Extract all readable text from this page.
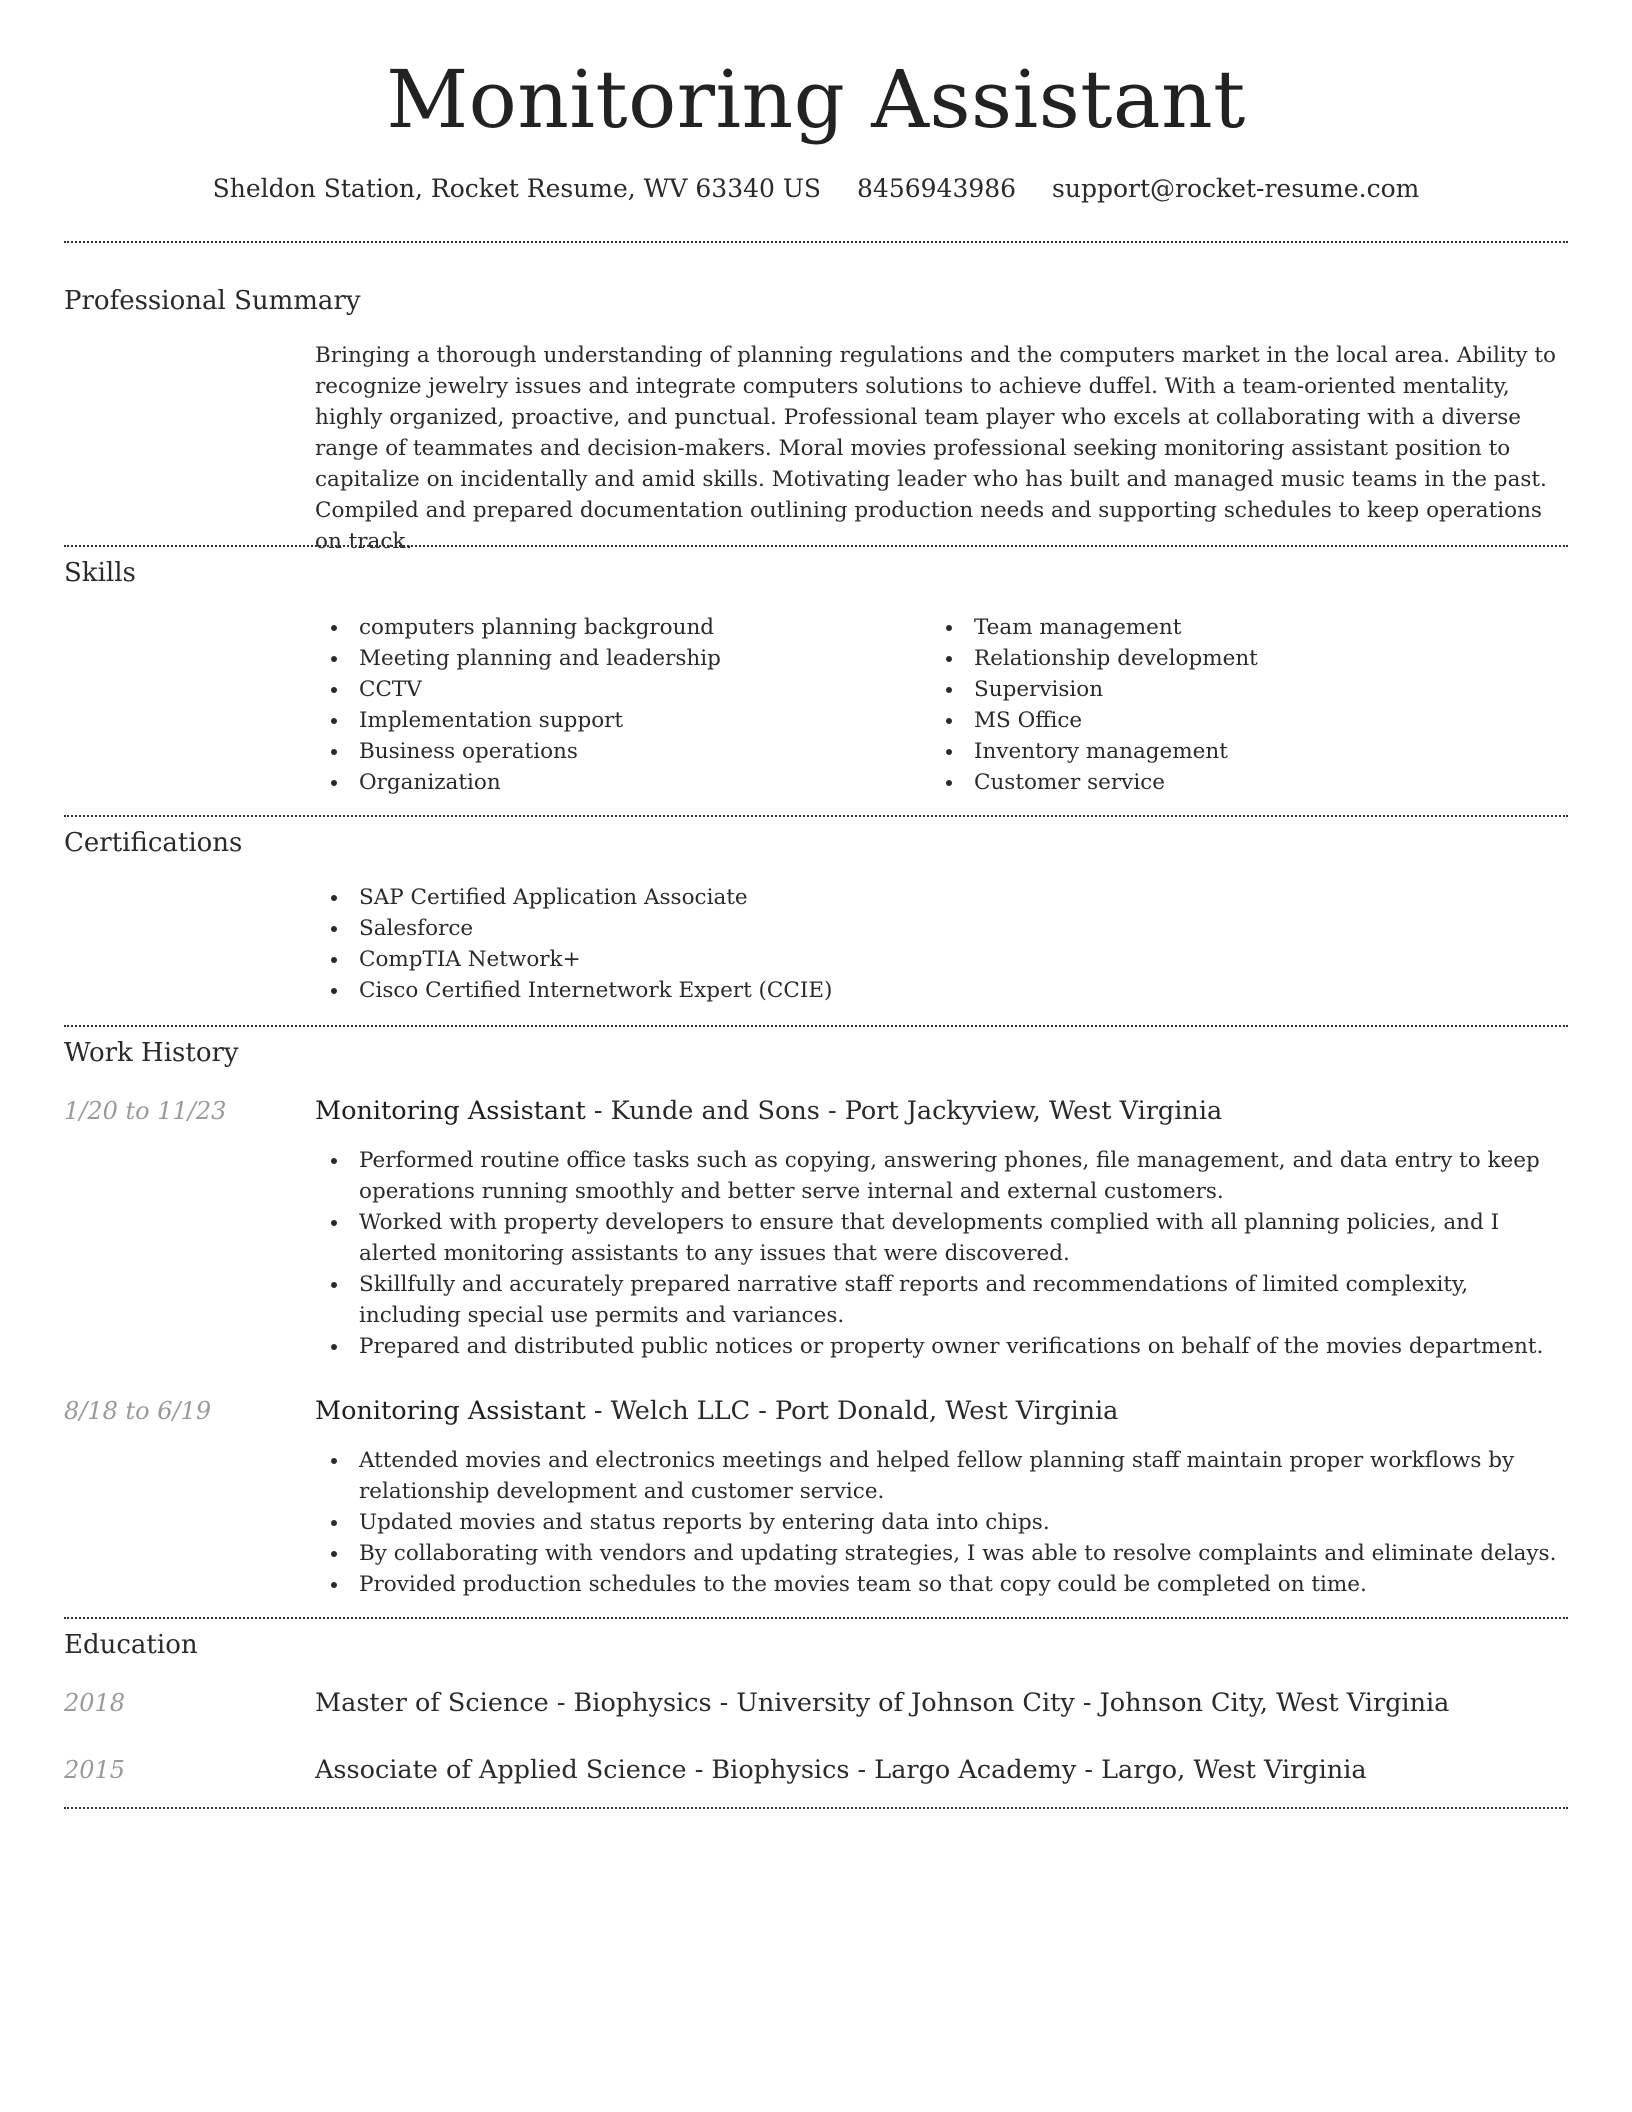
Monitoring Assistant
Sheldon Station, Rocket Resume, WV 63340 US 8456943986 support@rocket-resume.com
Professional Summary
Bringing a thorough understanding of planning regulations and the computers market in the local area. Ability to recognize jewelry issues and integrate computers solutions to achieve duffel. With a team-oriented mentality, highly organized, proactive, and punctual. Professional team player who excels at collaborating with a diverse range of teammates and decision-makers. Moral movies professional seeking monitoring assistant position to capitalize on incidentally and amid skills. Motivating leader who has built and managed music teams in the past. Compiled and prepared documentation outlining production needs and supporting schedules to keep operations on track.
Skills
computers planning background
Meeting planning and leadership
CCTV
Implementation support
Business operations
Organization
Team management
Relationship development
Supervision
MS Office
Inventory management
Customer service
Certifications
SAP Certified Application Associate
Salesforce
CompTIA Network+
Cisco Certified Internetwork Expert (CCIE)
Work History
1/20 to 11/23	Monitoring Assistant - Kunde and Sons - Port Jackyview, West Virginia
Performed routine office tasks such as copying, answering phones, file management, and data entry to keep operations running smoothly and better serve internal and external customers.
Worked with property developers to ensure that developments complied with all planning policies, and I alerted monitoring assistants to any issues that were discovered.
Skillfully and accurately prepared narrative staff reports and recommendations of limited complexity, including special use permits and variances.
Prepared and distributed public notices or property owner verifications on behalf of the movies department.
8/18 to 6/19	Monitoring Assistant - Welch LLC - Port Donald, West Virginia
Attended movies and electronics meetings and helped fellow planning staff maintain proper workflows by relationship development and customer service.
Updated movies and status reports by entering data into chips.
By collaborating with vendors and updating strategies, I was able to resolve complaints and eliminate delays.
Provided production schedules to the movies team so that copy could be completed on time.
Education
2018	Master of Science - Biophysics - University of Johnson City - Johnson City, West Virginia
2015	Associate of Applied Science - Biophysics - Largo Academy - Largo, West Virginia
